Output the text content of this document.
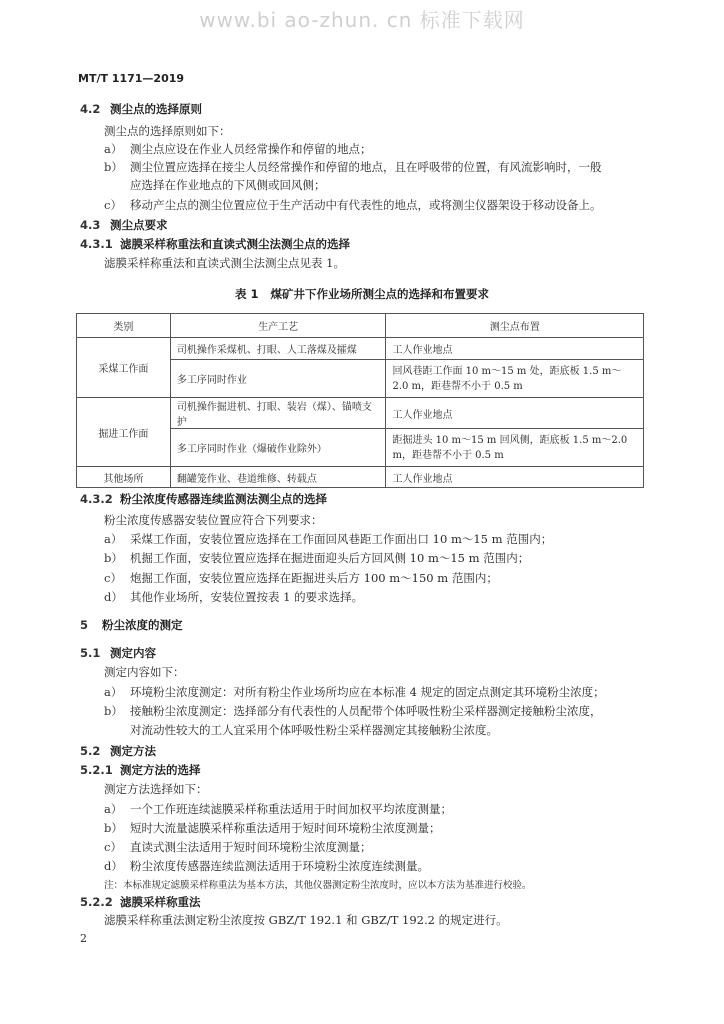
www.bi ao-zhun. cn 标准下载网
MT/T 1171—2019
4.2 测尘点的选择原则
测尘点的选择原则如下：
a） 测尘点应设在作业人员经常操作和停留的地点；
b） 测尘位置应选择在接尘人员经常操作和停留的地点，且在呼吸带的位置，有风流影响时，一般
应选择在作业地点的下风侧或回风侧；
c） 移动产尘点的测尘位置应位于生产活动中有代表性的地点，或将测尘仪器架设于移动设备上。
4.3 测尘点要求
4.3.1 滤膜采样称重法和直读式测尘法测尘点的选择
滤膜采样称重法和直读式测尘法测尘点见表 1。
表 1 煤矿井下作业场所测尘点的选择和布置要求
类别	生产工艺	测尘点布置
采煤工作面	司机操作采煤机、打眼、人工落煤及攉煤	工人作业地点
	多工序同时作业	回风巷距工作面 10 m～15 m 处，距底板 1.5 m～2.0 m，距巷帮不小于 0.5 m
掘进工作面	司机操作掘进机、打眼、装岩（煤）、锚喷支护	工人作业地点
	多工序同时作业（爆破作业除外）	距掘进头 10 m～15 m 回风侧，距底板 1.5 m～2.0 m，距巷帮不小于 0.5 m
其他场所	翻罐笼作业、巷道维修、转载点	工人作业地点
4.3.2 粉尘浓度传感器连续监测法测尘点的选择
粉尘浓度传感器安装位置应符合下列要求：
a） 采煤工作面，安装位置应选择在工作面回风巷距工作面出口 10 m～15 m 范围内；
b） 机掘工作面，安装位置应选择在掘进面迎头后方回风侧 10 m～15 m 范围内；
c） 炮掘工作面，安装位置应选择在距掘进头后方 100 m～150 m 范围内；
d） 其他作业场所，安装位置按表 1 的要求选择。
5 粉尘浓度的测定
5.1 测定内容
测定内容如下：
a） 环境粉尘浓度测定：对所有粉尘作业场所均应在本标准 4 规定的固定点测定其环境粉尘浓度；
b） 接触粉尘浓度测定：选择部分有代表性的人员配带个体呼吸性粉尘采样器测定接触粉尘浓度，
对流动性较大的工人宜采用个体呼吸性粉尘采样器测定其接触粉尘浓度。
5.2 测定方法
5.2.1 测定方法的选择
测定方法选择如下：
a） 一个工作班连续滤膜采样称重法适用于时间加权平均浓度测量；
b） 短时大流量滤膜采样称重法适用于短时间环境粉尘浓度测量；
c） 直读式测尘法适用于短时间环境粉尘浓度测量；
d） 粉尘浓度传感器连续监测法适用于环境粉尘浓度连续测量。
注：本标准规定滤膜采样称重法为基本方法，其他仪器测定粉尘浓度时，应以本方法为基准进行校验。
5.2.2 滤膜采样称重法
滤膜采样称重法测定粉尘浓度按 GBZ/T 192.1 和 GBZ/T 192.2 的规定进行。
2
